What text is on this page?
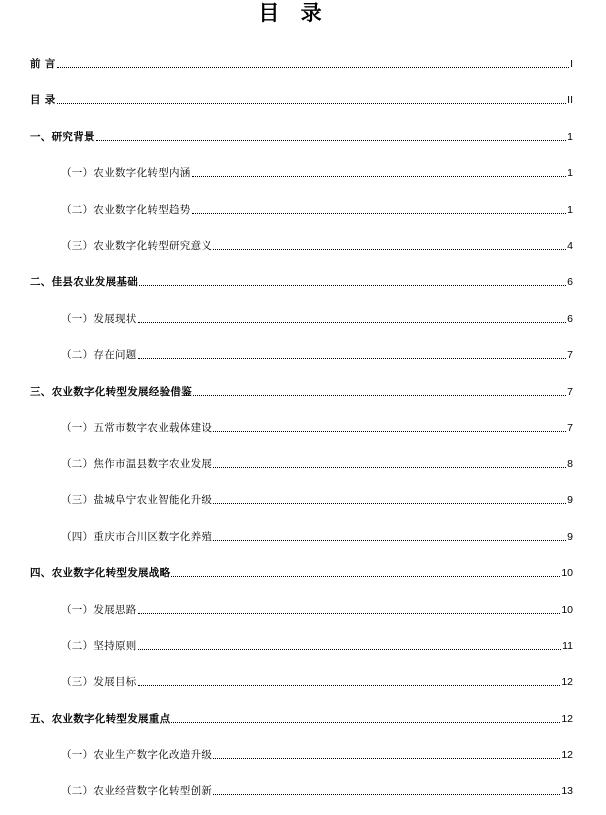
目 录
前 言	I
目 录	II
一、研究背景	1
（一）农业数字化转型内涵	1
（二）农业数字化转型趋势	1
（三）农业数字化转型研究意义	4
二、佳县农业发展基础	6
（一）发展现状	6
（二）存在问题	7
三、农业数字化转型发展经验借鉴	7
（一）五常市数字农业载体建设	7
（二）焦作市温县数字农业发展	8
（三）盐城阜宁农业智能化升级	9
（四）重庆市合川区数字化养殖	9
四、农业数字化转型发展战略	10
（一）发展思路	10
（二）坚持原则	11
（三）发展目标	12
五、农业数字化转型发展重点	12
（一）农业生产数字化改造升级	12
（二）农业经营数字化转型创新	13
